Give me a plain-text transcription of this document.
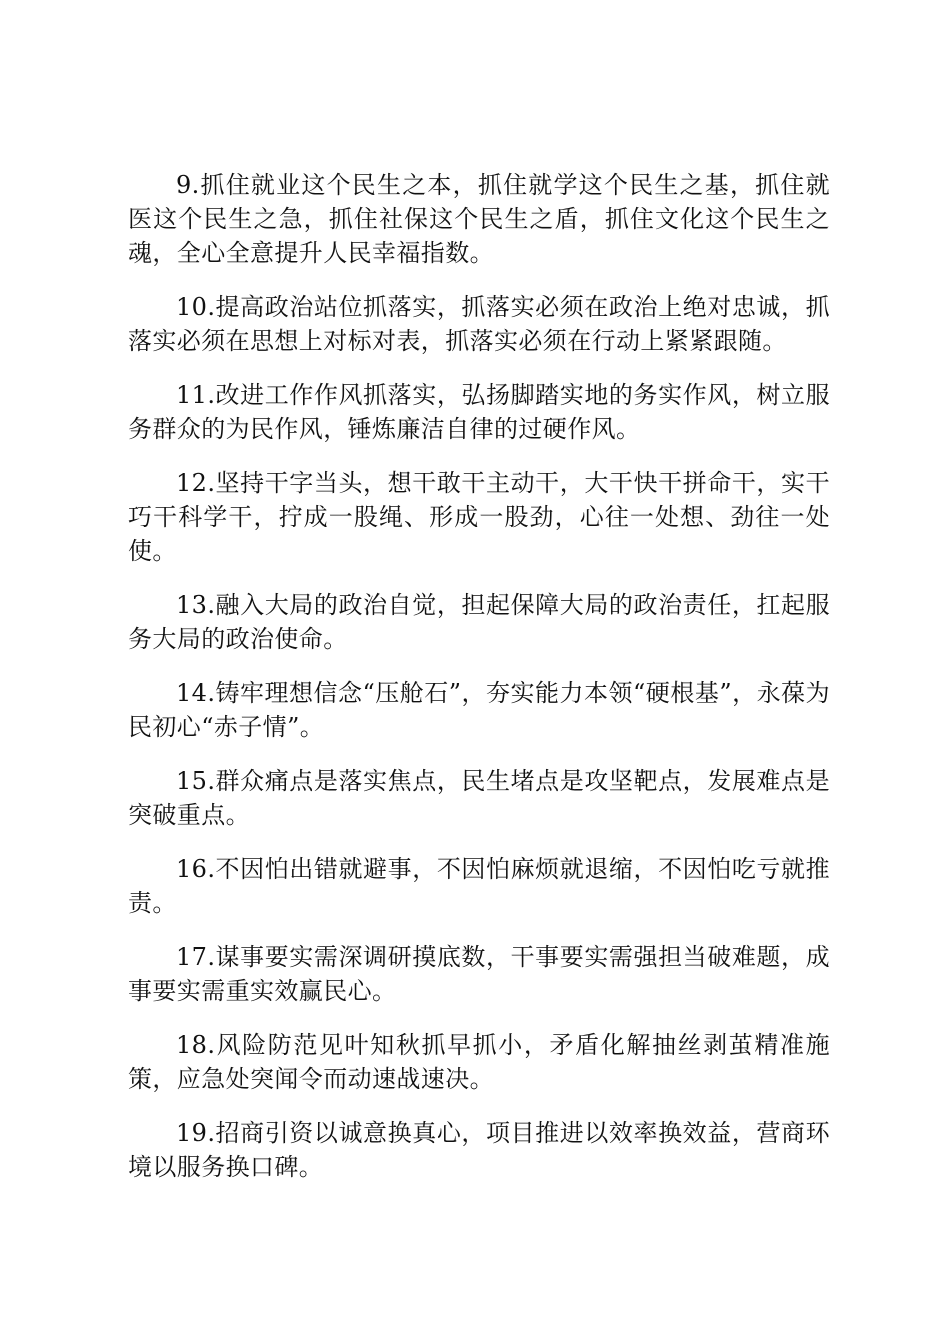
9.抓住就业这个民生之本，抓住就学这个民生之基，抓住就医这个民生之急，抓住社保这个民生之盾，抓住文化这个民生之魂，全心全意提升人民幸福指数。

10.提高政治站位抓落实，抓落实必须在政治上绝对忠诚，抓落实必须在思想上对标对表，抓落实必须在行动上紧紧跟随。

11.改进工作作风抓落实，弘扬脚踏实地的务实作风，树立服务群众的为民作风，锤炼廉洁自律的过硬作风。

12.坚持干字当头，想干敢干主动干，大干快干拼命干，实干巧干科学干，拧成一股绳、形成一股劲，心往一处想、劲往一处使。

13.融入大局的政治自觉，担起保障大局的政治责任，扛起服务大局的政治使命。

14.铸牢理想信念“压舱石”，夯实能力本领“硬根基”，永葆为民初心“赤子情”。

15.群众痛点是落实焦点，民生堵点是攻坚靶点，发展难点是突破重点。

16.不因怕出错就避事，不因怕麻烦就退缩，不因怕吃亏就推责。

17.谋事要实需深调研摸底数，干事要实需强担当破难题，成事要实需重实效赢民心。

18.风险防范见叶知秋抓早抓小，矛盾化解抽丝剥茧精准施策，应急处突闻令而动速战速决。

19.招商引资以诚意换真心，项目推进以效率换效益，营商环境以服务换口碑。
